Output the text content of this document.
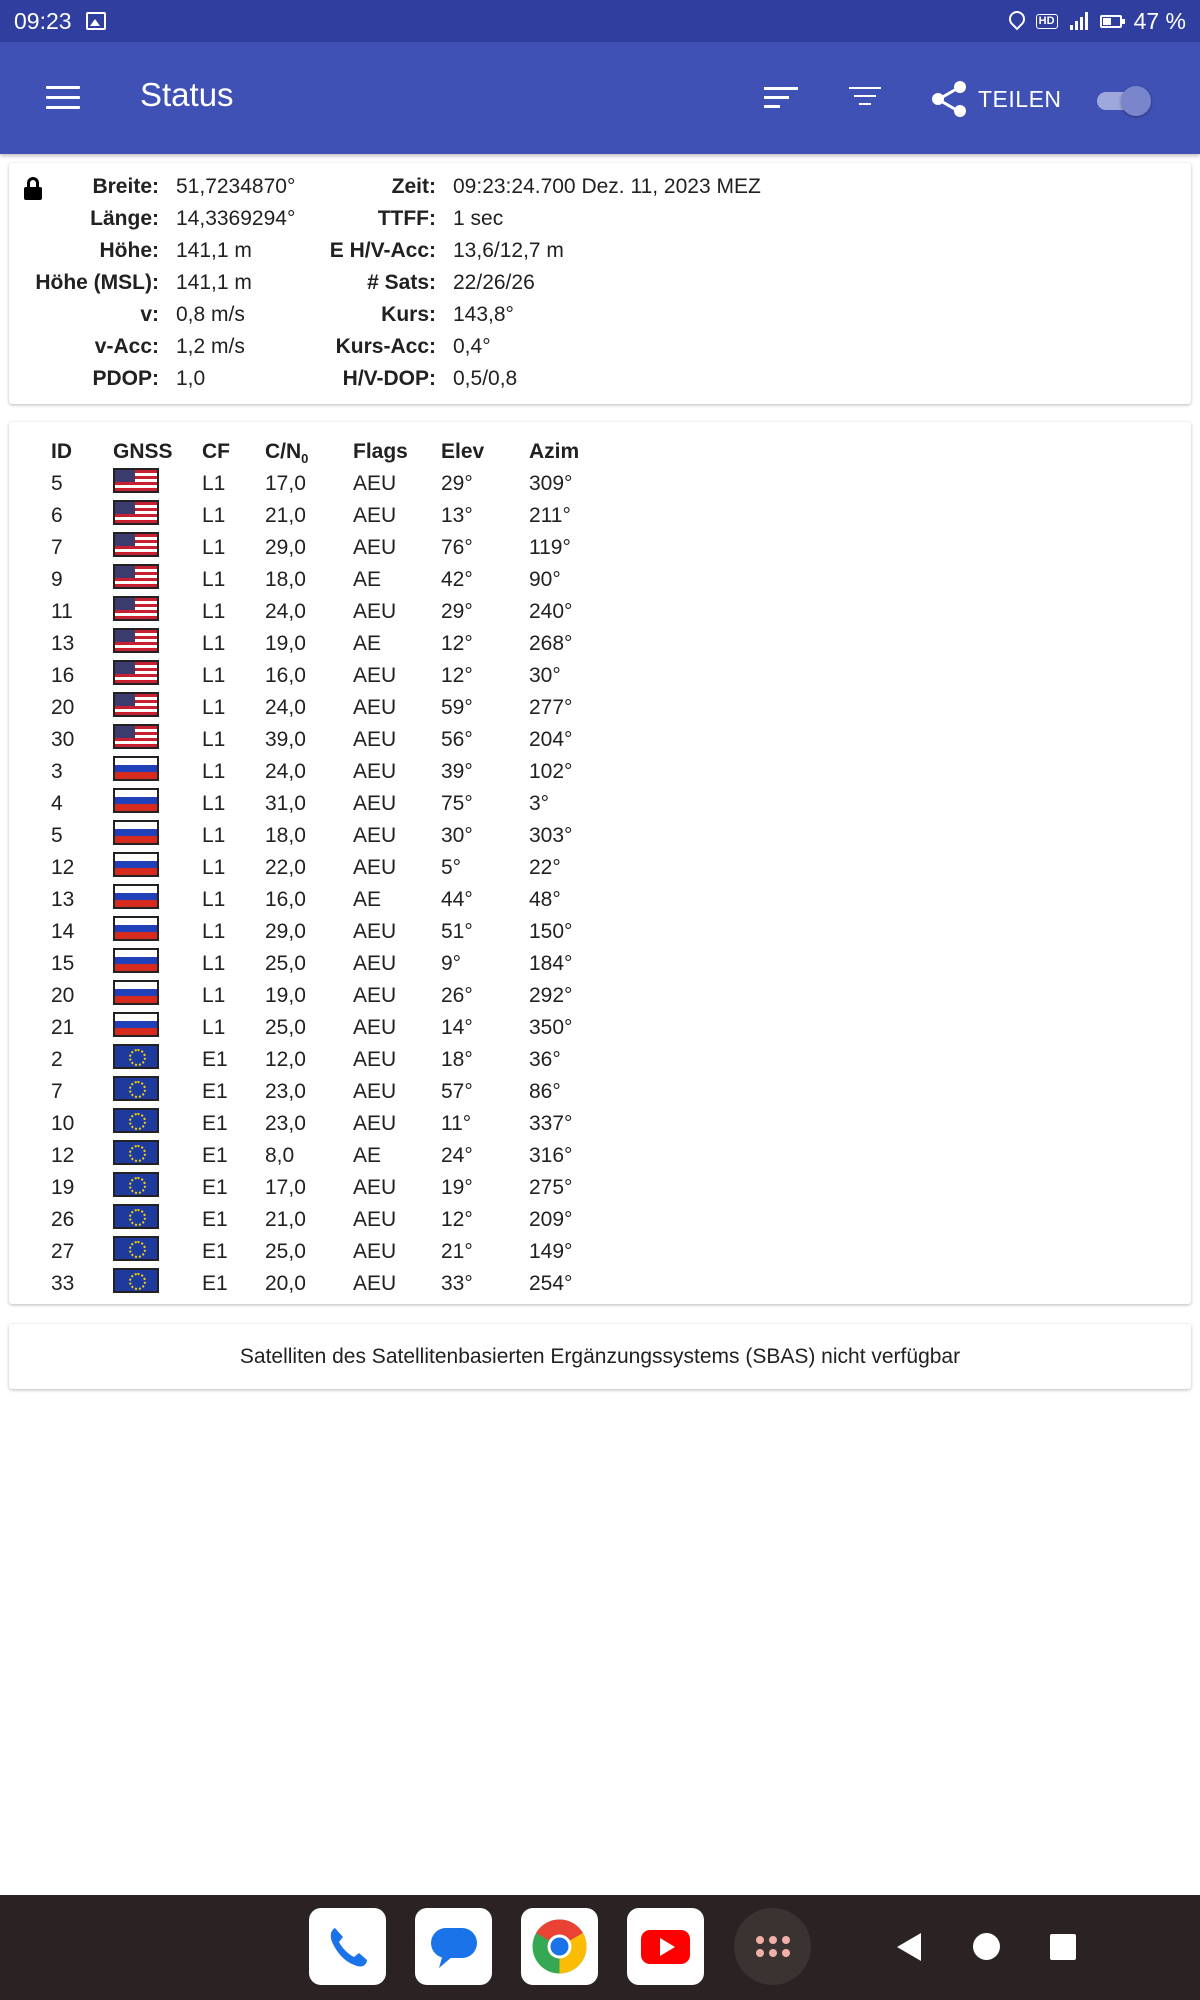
09:23	HD	47 %
Status	TEILEN
Breite: 51,7234870°
Länge: 14,3369294°
Höhe: 141,1 m
Höhe (MSL): 141,1 m
v: 0,8 m/s
v-Acc: 1,2 m/s
PDOP: 1,0
Zeit: 09:23:24.700 Dez. 11, 2023 MEZ
TTFF: 1 sec
E H/V-Acc: 13,6/12,7 m
# Sats: 22/26/26
Kurs: 143,8°
Kurs-Acc: 0,4°
H/V-DOP: 0,5/0,8
ID GNSS CF $C/N_0$ Flags Elev Azim
5	L1 17,0 AEU 29°	309°
6	L1 21,0 AEU 13°	211°
7	L1 29,0 AEU 76°	119°
9	L1 18,0 AE	42°	90°
11	L1 24,0 AEU 29°	240°
13	L1 19,0 AE	12°	268°
16	L1 16,0 AEU 12°	30°
20	L1 24,0 AEU 59°	277°
30	L1 39,0 AEU 56°	204°
3	L1 24,0 AEU 39°	102°
4	L1 31,0 AEU 75°	3°
5	L1 18,0 AEU 30°	303°
12	L1 22,0 AEU 5°	22°
13	L1 16,0 AE	44°	48°
14	L1 29,0 AEU 51°	150°
15	L1 25,0 AEU 9°	184°
20	L1 19,0 AEU 26°	292°
21	L1 25,0 AEU 14°	350°
2	E1 12,0 AEU 18°	36°
7	E1 23,0 AEU 57°	86°
10	E1 23,0 AEU 11°	337°
12	E1 8,0	AE	24°	316°
19	E1 17,0 AEU 19°	275°
26	E1 21,0 AEU 12°	209°
27	E1 25,0 AEU 21°	149°
33	E1 20,0 AEU 33°	254°
Satelliten des Satellitenbasierten Ergänzungssystems (SBAS) nicht verfügbar
